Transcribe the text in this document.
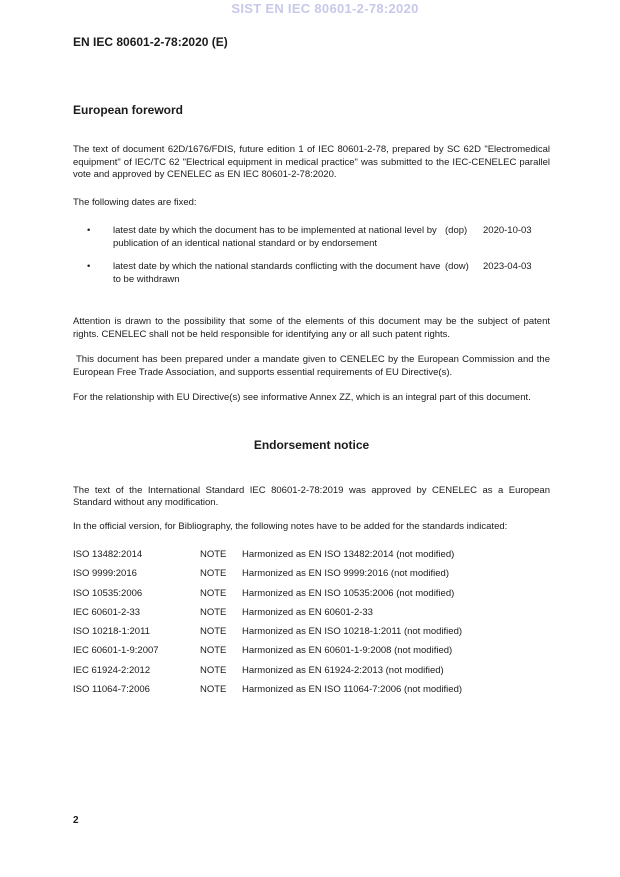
SIST EN IEC 80601-2-78:2020
EN IEC 80601-2-78:2020 (E)
European foreword

The text of document 62D/1676/FDIS, future edition 1 of IEC 80601-2-78, prepared by SC 62D "Electromedical equipment" of IEC/TC 62 "Electrical equipment in medical practice" was submitted to the IEC-CENELEC parallel vote and approved by CENELEC as EN IEC 80601-2-78:2020.

The following dates are fixed:

•	latest date by which the document has to be implemented at national level by publication of an identical national standard or by endorsement
(dop)	2020-10-03
•	latest date by which the national standards conflicting with the document have to be withdrawn
(dow)	2023-04-03

Attention is drawn to the possibility that some of the elements of this document may be the subject of patent rights. CENELEC shall not be held responsible for identifying any or all such patent rights.

This document has been prepared under a mandate given to CENELEC by the European Commission and the European Free Trade Association, and supports essential requirements of EU Directive(s).

For the relationship with EU Directive(s) see informative Annex ZZ, which is an integral part of this document.

Endorsement notice

The text of the International Standard IEC 80601-2-78:2019 was approved by CENELEC as a European Standard without any modification.

In the official version, for Bibliography, the following notes have to be added for the standards indicated:

ISO 13482:2014	NOTE	Harmonized as EN ISO 13482:2014 (not modified)
ISO 9999:2016	NOTE	Harmonized as EN ISO 9999:2016 (not modified)
ISO 10535:2006	NOTE	Harmonized as EN ISO 10535:2006 (not modified)
IEC 60601-2-33	NOTE	Harmonized as EN 60601-2-33
ISO 10218-1:2011	NOTE	Harmonized as EN ISO 10218-1:2011 (not modified)
IEC 60601-1-9:2007	NOTE	Harmonized as EN 60601-1-9:2008 (not modified)
IEC 61924-2:2012	NOTE	Harmonized as EN 61924-2:2013 (not modified)
ISO 11064-7:2006	NOTE	Harmonized as EN ISO 11064-7:2006 (not modified)
2
